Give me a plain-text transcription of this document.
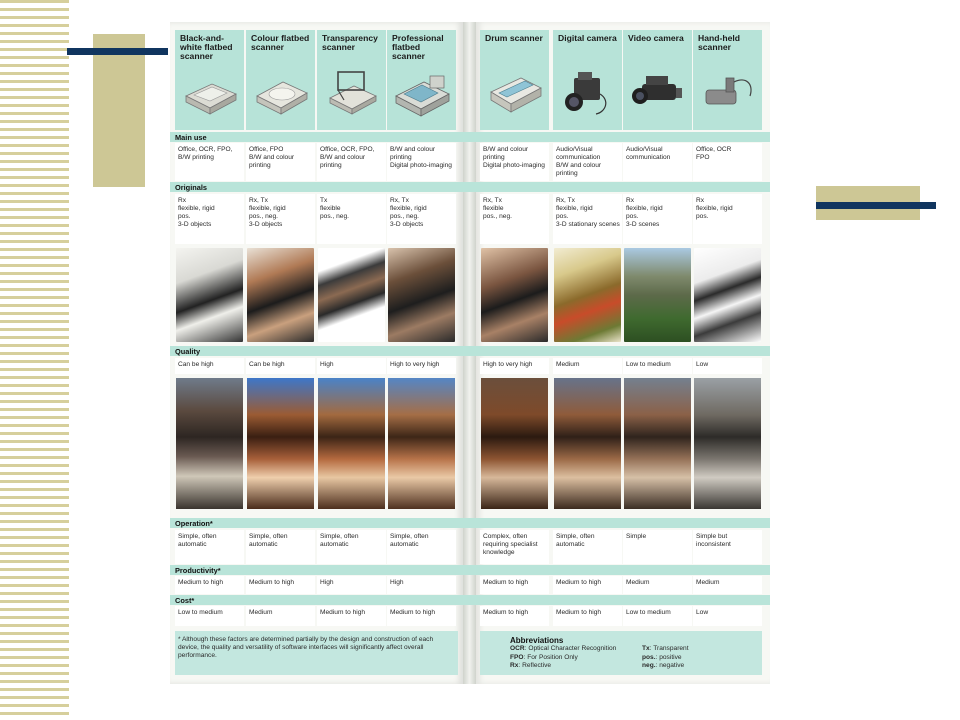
Main use
Originals
Quality
Operation*
Productivity*
Cost*
Black-and-white flatbed scanner
Office, OCR, FPO,
B/W printing
Rx
flexible, rigid
pos.
3-D objects
Can be high
Simple, often
automatic
Medium to high
Low to medium
Colour flatbed scanner
Office, FPO
B/W and colour
printing
Rx, Tx
flexible, rigid
pos., neg.
3-D objects
Can be high
Simple, often
automatic
Medium to high
Medium
Transparency scanner
Office, OCR, FPO,
B/W and colour
printing
Tx
flexible
pos., neg.
High
Simple, often
automatic
High
Medium to high
Professional flatbed scanner
B/W and colour
printing
Digital photo-imaging
Rx, Tx
flexible, rigid
pos., neg.
3-D objects
High to very high
Simple, often
automatic
High
Medium to high
Drum scanner
B/W and colour
printing
Digital photo-imaging
Rx, Tx
flexible
pos., neg.
High to very high
Complex, often
requiring specialist
knowledge
Medium to high
Medium to high
Digital camera
Audio/Visual
communication
B/W and colour
printing
Rx, Tx
flexible, rigid
pos.
3-D stationary scenes
Medium
Simple, often
automatic
Medium to high
Medium to high
Video camera
Audio/Visual
communication
Rx
flexible, rigid
pos.
3-D scenes
Low to medium
Simple
Medium
Low to medium
Hand-held scanner
Office, OCR
FPO
Rx
flexible, rigid
pos.
Low
Simple but inconsistent
Medium
Low
* Although these factors are determined partially by the design and construction of each device, the quality and versatility of software interfaces will significantly affect overall performance.
Abbreviations
OCR: Optical Character Recognition
FPO: For Position Only
Rx: Reflective
Tx: Transparent
pos.: positive
neg.: negative
